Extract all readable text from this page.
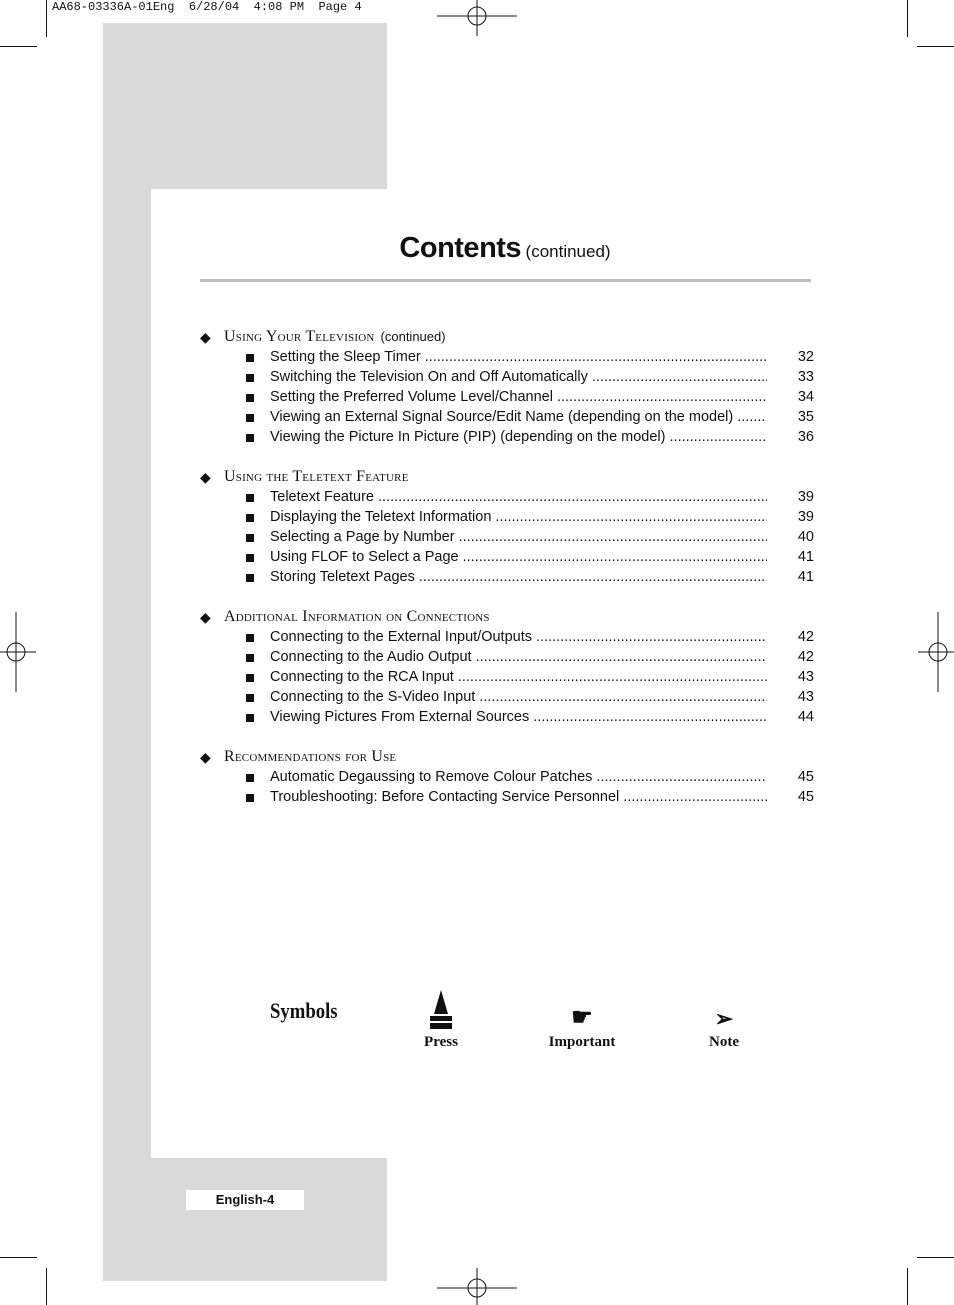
AA68-03336A-01Eng  6/28/04  4:08 PM  Page 4
Contents (continued)
◆ Using Your Television (continued)
Setting the Sleep Timer .....	32
Switching the Television On and Off Automatically .....	33
Setting the Preferred Volume Level/Channel .....	34
Viewing an External Signal Source/Edit Name (depending on the model) .....	35
Viewing the Picture In Picture (PIP) (depending on the model) .....	36
◆ Using the Teletext Feature
Teletext Feature .....	39
Displaying the Teletext Information .....	39
Selecting a Page by Number .....	40
Using FLOF to Select a Page .....	41
Storing Teletext Pages .....	41
◆ Additional Information on Connections
Connecting to the External Input/Outputs .....	42
Connecting to the Audio Output .....	42
Connecting to the RCA Input .....	43
Connecting to the S-Video Input .....	43
Viewing Pictures From External Sources .....	44
◆ Recommendations for Use
Automatic Degaussing to Remove Colour Patches .....	45
Troubleshooting: Before Contacting Service Personnel .....	45
Symbols
Press
☛
Important
➢
Note
English-4
